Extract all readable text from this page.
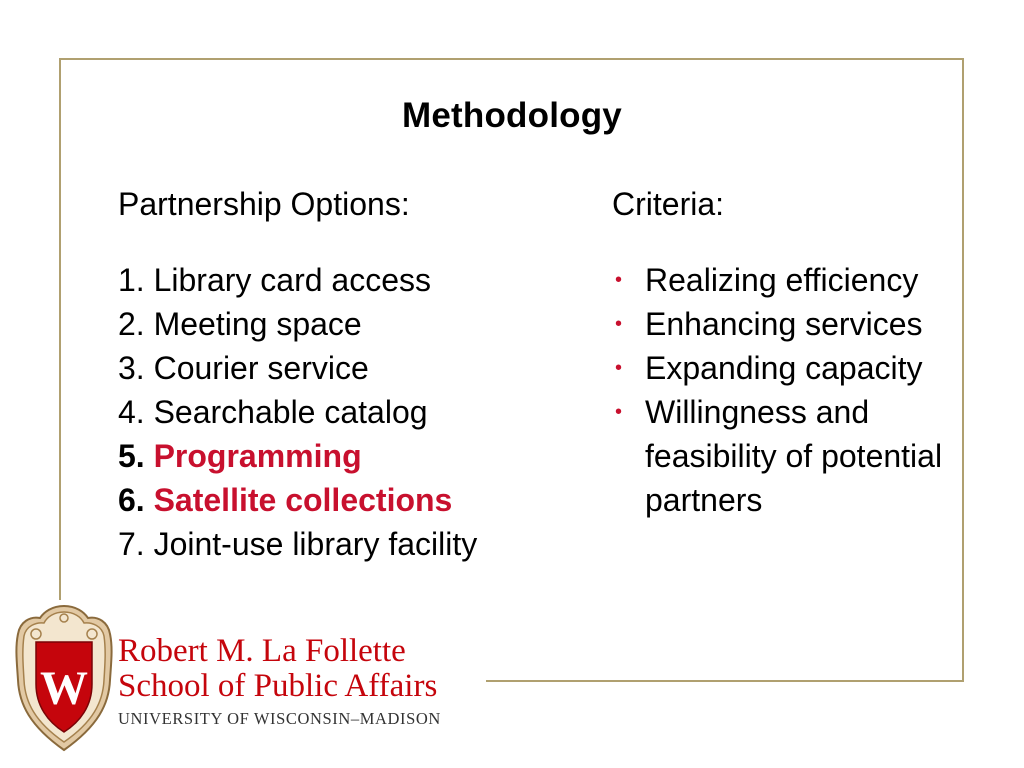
Methodology
Partnership Options:	Criteria:
1. Library card access
2. Meeting space
3. Courier service
4. Searchable catalog
5. Programming
6. Satellite collections
7. Joint-use library facility
• Realizing efficiency
• Enhancing services
• Expanding capacity
• Willingness and feasibility of potential partners
W
Robert M. La Follette
School of Public Affairs
UNIVERSITY OF WISCONSIN–MADISON
